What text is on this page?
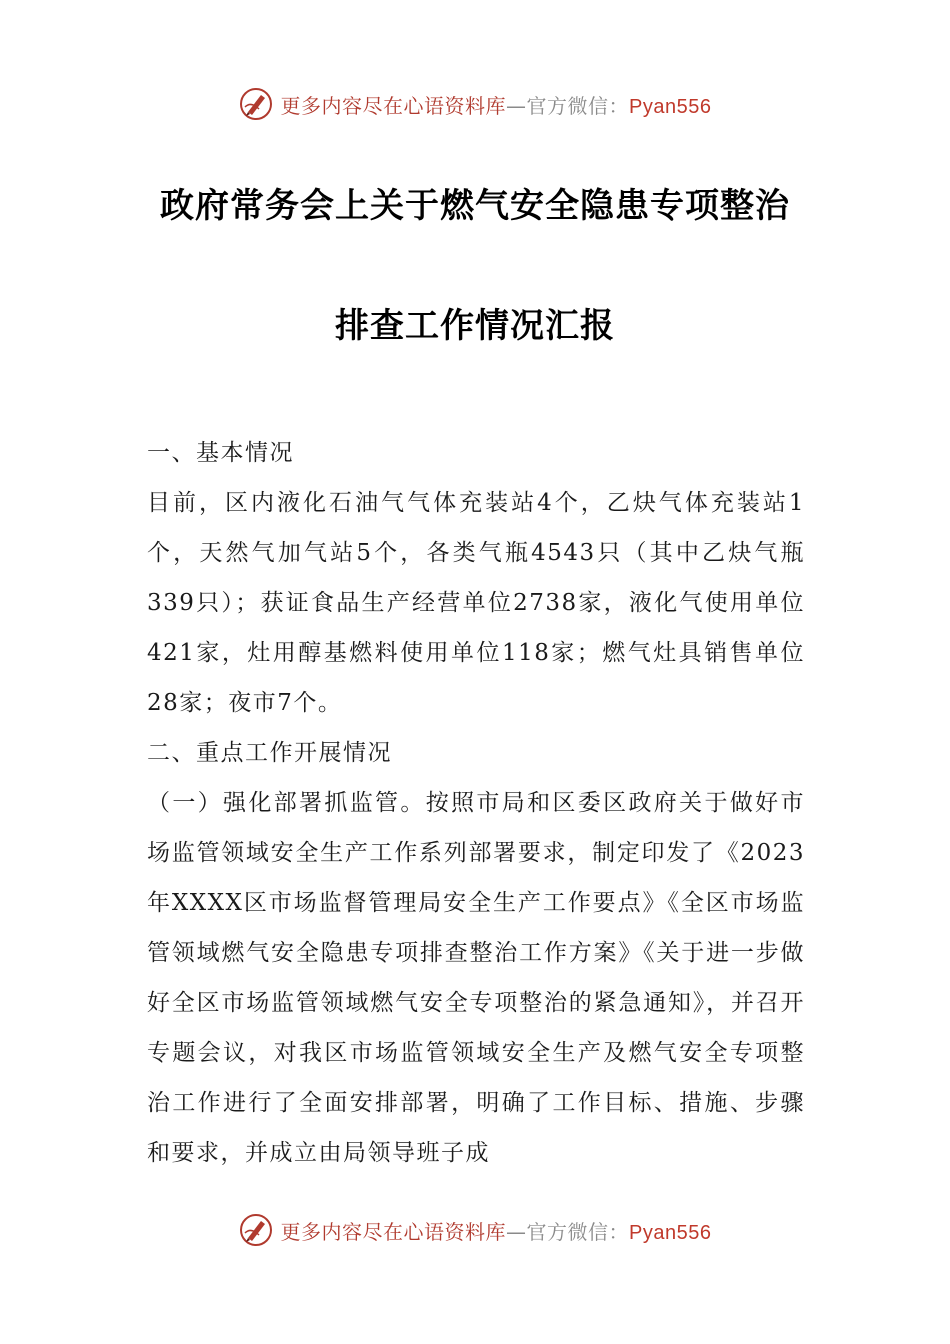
更多内容尽在心语资料库—官方微信：Pyan556
政府常务会上关于燃气安全隐患专项整治
排查工作情况汇报

一、基本情况

目前，区内液化石油气气体充装站4个，乙炔气体充装站1个，天然气加气站5个，各类气瓶4543只（其中乙炔气瓶339只）；获证食品生产经营单位2738家，液化气使用单位421家，灶用醇基燃料使用单位118家；燃气灶具销售单位28家；夜市7个。

二、重点工作开展情况

（一）强化部署抓监管。按照市局和区委区政府关于做好市场监管领域安全生产工作系列部署要求，制定印发了《2023年XXXX区市场监督管理局安全生产工作要点》《全区市场监管领域燃气安全隐患专项排查整治工作方案》《关于进一步做好全区市场监管领域燃气安全专项整治的紧急通知》，并召开专题会议，对我区市场监管领域安全生产及燃气安全专项整治工作进行了全面安排部署，明确了工作目标、措施、步骤和要求，并成立由局领导班子成

更多内容尽在心语资料库—官方微信：Pyan556
